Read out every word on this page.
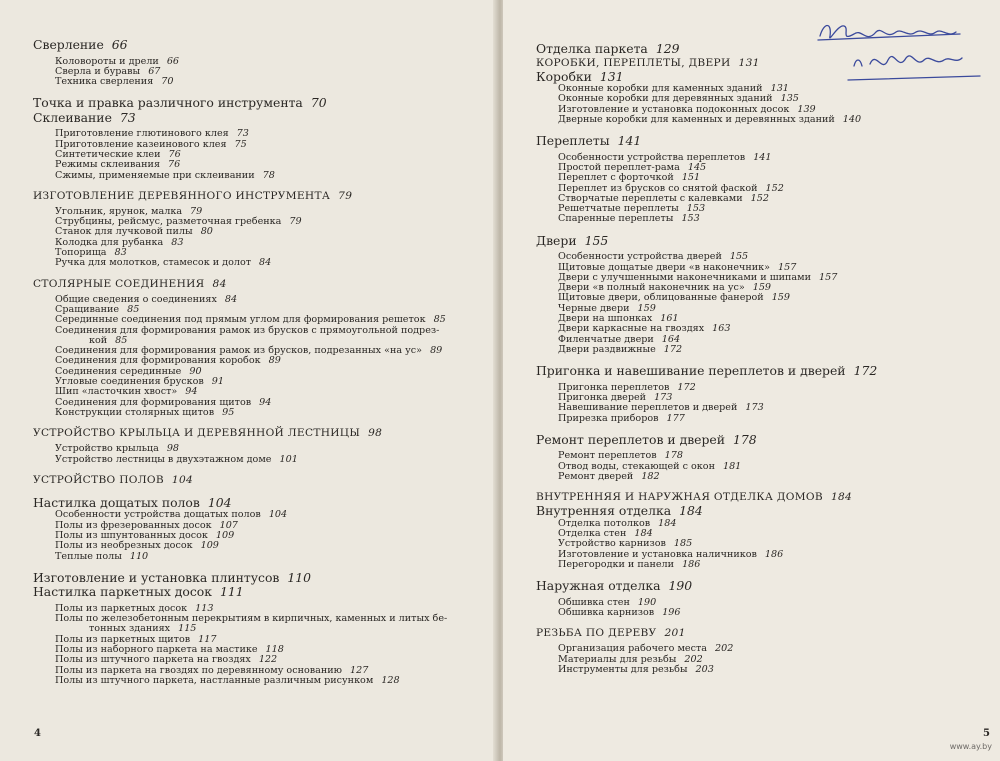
Сверление 66
Коловороты и дрели 66
Сверла и буравы 67
Техника сверления 70
Точка и правка различного инструмента 70
Склеивание 73
Приготовление глютинового клея 73
Приготовление казеинового клея 75
Синтетические клеи 76
Режимы склеивания 76
Сжимы, применяемые при склеивании 78
ИЗГОТОВЛЕНИЕ ДЕРЕВЯННОГО ИНСТРУМЕНТА 79
Угольник, ярунок, малка 79
Струбцины, рейсмус, разметочная гребенка 79
Станок для лучковой пилы 80
Колодка для рубанка 83
Топорища 83
Ручка для молотков, стамесок и долот 84
СТОЛЯРНЫЕ СОЕДИНЕНИЯ 84
Общие сведения о соединениях 84
Сращивание 85
Серединные соединения под прямым углом для формирования решеток 85
Соединения для формирования рамок из брусков с прямоугольной подрез-
кой 85
Соединения для формирования рамок из брусков, подрезанных «на ус» 89
Соединения для формирования коробок 89
Соединения серединные 90
Угловые соединения брусков 91
Шип «ласточкин хвост» 94
Соединения для формирования щитов 94
Конструкции столярных щитов 95
УСТРОЙСТВО КРЫЛЬЦА И ДЕРЕВЯННОЙ ЛЕСТНИЦЫ 98
Устройство крыльца 98
Устройство лестницы в двухэтажном доме 101
УСТРОЙСТВО ПОЛОВ 104
Настилка дощатых полов 104
Особенности устройства дощатых полов 104
Полы из фрезерованных досок 107
Полы из шпунтованных досок 109
Полы из необрезных досок 109
Теплые полы 110
Изготовление и установка плинтусов 110
Настилка паркетных досок 111
Полы из паркетных досок 113
Полы по железобетонным перекрытиям в кирпичных, каменных и литых бе-
тонных зданиях 115
Полы из паркетных щитов 117
Полы из наборного паркета на мастике 118
Полы из штучного паркета на гвоздях 122
Полы из паркета на гвоздях по деревянному основанию 127
Полы из штучного паркета, настланные различным рисунком 128
4
Отделка паркета 129
КОРОБКИ, ПЕРЕПЛЕТЫ, ДВЕРИ 131
Коробки 131
Оконные коробки для каменных зданий 131
Оконные коробки для деревянных зданий 135
Изготовление и установка подоконных досок 139
Дверные коробки для каменных и деревянных зданий 140
Переплеты 141
Особенности устройства переплетов 141
Простой переплет-рама 145
Переплет с форточкой 151
Переплет из брусков со снятой фаской 152
Створчатые переплеты с калевками 152
Решетчатые переплеты 153
Спаренные переплеты 153
Двери 155
Особенности устройства дверей 155
Щитовые дощатые двери «в наконечник» 157
Двери с улучшенными наконечниками и шипами 157
Двери «в полный наконечник на ус» 159
Щитовые двери, облицованные фанерой 159
Черные двери 159
Двери на шпонках 161
Двери каркасные на гвоздях 163
Филенчатые двери 164
Двери раздвижные 172
Пригонка и навешивание переплетов и дверей 172
Пригонка переплетов 172
Пригонка дверей 173
Навешивание переплетов и дверей 173
Прирезка приборов 177
Ремонт переплетов и дверей 178
Ремонт переплетов 178
Отвод воды, стекающей с окон 181
Ремонт дверей 182
ВНУТРЕННЯЯ И НАРУЖНАЯ ОТДЕЛКА ДОМОВ 184
Внутренняя отделка 184
Отделка потолков 184
Отделка стен 184
Устройство карнизов 185
Изготовление и установка наличников 186
Перегородки и панели 186
Наружная отделка 190
Обшивка стен 190
Обшивка карнизов 196
РЕЗЬБА ПО ДЕРЕВУ 201
Организация рабочего места 202
Материалы для резьбы 202
Инструменты для резьбы 203
5
www.ay.by
